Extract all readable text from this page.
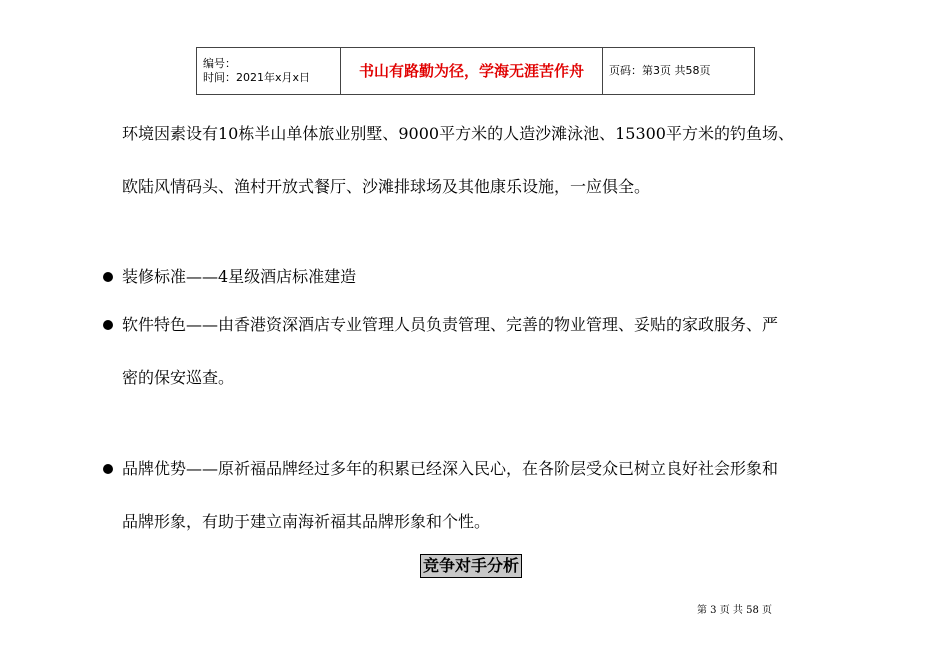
编号：
时间：2021年x月x日	书山有路勤为径，学海无涯苦作舟	页码：第3页 共58页
环境因素设有10栋半山单体旅业别墅、9000平方米的人造沙滩泳池、15300平方米的钓鱼场、
欧陆风情码头、渔村开放式餐厅、沙滩排球场及其他康乐设施，一应俱全。
装修标准——4星级酒店标准建造
软件特色——由香港资深酒店专业管理人员负责管理、完善的物业管理、妥贴的家政服务、严
密的保安巡查。
品牌优势——原祈福品牌经过多年的积累已经深入民心，在各阶层受众已树立良好社会形象和
品牌形象，有助于建立南海祈福其品牌形象和个性。
竞争对手分析
第 3 页 共 58 页
